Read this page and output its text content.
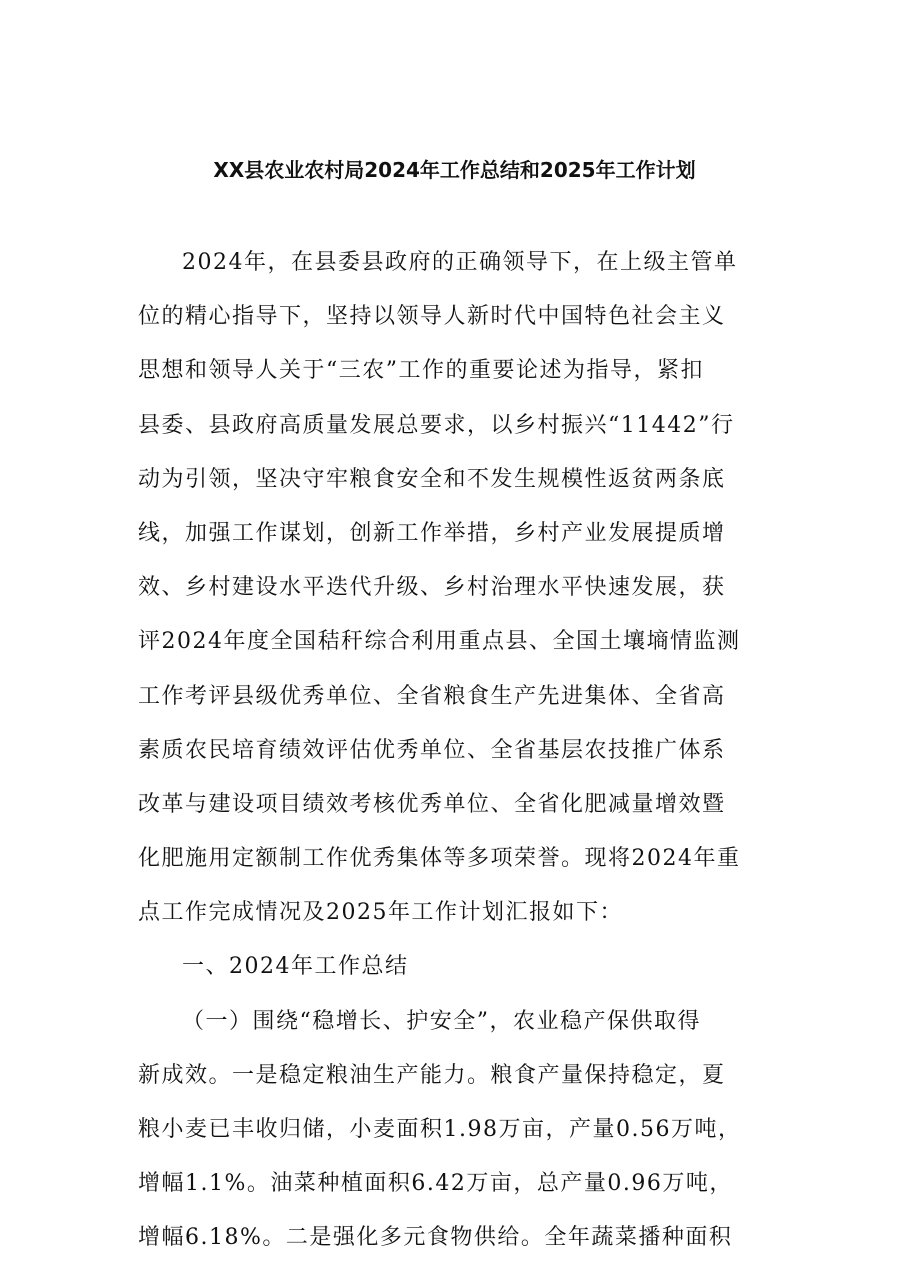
XX县农业农村局2024年工作总结和2025年工作计划
2024年，在县委县政府的正确领导下，在上级主管单
位的精心指导下，坚持以领导人新时代中国特色社会主义
思想和领导人关于“三农”工作的重要论述为指导，紧扣
县委、县政府高质量发展总要求，以乡村振兴“11442”行
动为引领，坚决守牢粮食安全和不发生规模性返贫两条底
线，加强工作谋划，创新工作举措，乡村产业发展提质增
效、乡村建设水平迭代升级、乡村治理水平快速发展，获
评2024年度全国秸秆综合利用重点县、全国土壤墒情监测
工作考评县级优秀单位、全省粮食生产先进集体、全省高
素质农民培育绩效评估优秀单位、全省基层农技推广体系
改革与建设项目绩效考核优秀单位、全省化肥减量增效暨
化肥施用定额制工作优秀集体等多项荣誉。现将2024年重
点工作完成情况及2025年工作计划汇报如下：
一、2024年工作总结
（一）围绕“稳增长、护安全”，农业稳产保供取得
新成效。一是稳定粮油生产能力。粮食产量保持稳定，夏
粮小麦已丰收归储，小麦面积1.98万亩，产量0.56万吨，
增幅1.1%。油菜种植面积6.42万亩，总产量0.96万吨，
增幅6.18%。二是强化多元食物供给。全年蔬菜播种面积
